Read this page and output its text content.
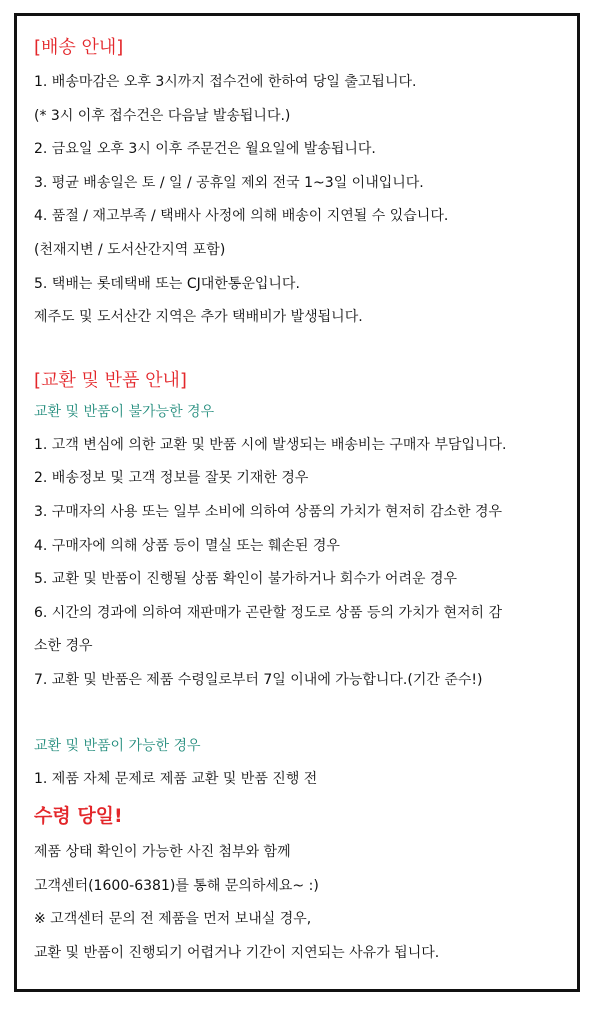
[배송 안내]

1. 배송마감은 오후 3시까지 접수건에 한하여 당일 출고됩니다.

(* 3시 이후 접수건은 다음날 발송됩니다.)

2. 금요일 오후 3시 이후 주문건은 월요일에 발송됩니다.

3. 평균 배송일은 토 / 일 / 공휴일 제외 전국 1~3일 이내입니다.

4. 품절 / 재고부족 / 택배사 사정에 의해 배송이 지연될 수 있습니다.

(천재지변 / 도서산간지역 포함)

5. 택배는 롯데택배 또는 CJ대한통운입니다.

제주도 및 도서산간 지역은 추가 택배비가 발생됩니다.

[교환 및 반품 안내]

교환 및 반품이 불가능한 경우

1. 고객 변심에 의한 교환 및 반품 시에 발생되는 배송비는 구매자 부담입니다.

2. 배송정보 및 고객 정보를 잘못 기재한 경우

3. 구매자의 사용 또는 일부 소비에 의하여 상품의 가치가 현저히 감소한 경우

4. 구매자에 의해 상품 등이 멸실 또는 훼손된 경우

5. 교환 및 반품이 진행될 상품 확인이 불가하거나 회수가 어려운 경우

6. 시간의 경과에 의하여 재판매가 곤란할 정도로 상품 등의 가치가 현저히 감

소한 경우

7. 교환 및 반품은 제품 수령일로부터 7일 이내에 가능합니다.(기간 준수!)

교환 및 반품이 가능한 경우

1. 제품 자체 문제로 제품 교환 및 반품 진행 전

수령 당일!

제품 상태 확인이 가능한 사진 첨부와 함께

고객센터(1600-6381)를 통해 문의하세요~ :)

※ 고객센터 문의 전 제품을 먼저 보내실 경우,

교환 및 반품이 진행되기 어렵거나 기간이 지연되는 사유가 됩니다.
